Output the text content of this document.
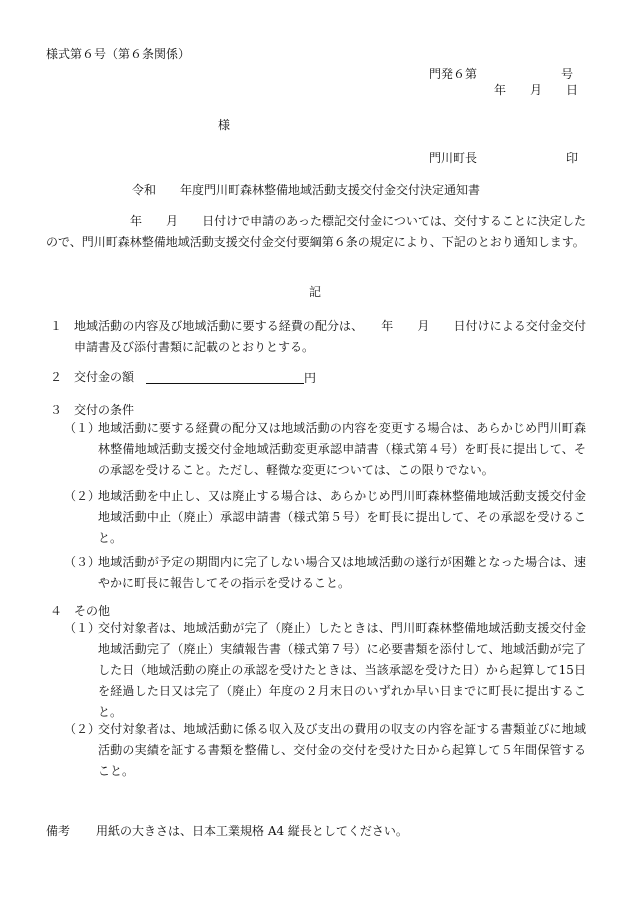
様式第６号（第６条関係）
門発６第　　　　　　　号
年　　月　　日
様
門川町長	印
令和　　年度門川町森林整備地域活動支援交付金交付決定通知書
　　年　　月　　日付けで申請のあった標記交付金については、交付することに決定したので、門川町森林整備地域活動支援交付金交付要綱第６条の規定により、下記のとおり通知します。
記
１ 地域活動の内容及び地域活動に要する経費の配分は、　　年　　月　　日付けによる交付金交付申請書及び添付書類に記載のとおりとする。
２ 交付金の額	円
３ 交付の条件
（１）
地域活動に要する経費の配分又は地域活動の内容を変更する場合は、あらかじめ門川町森林整備地域活動支援交付金地域活動変更承認申請書（様式第４号）を町長に提出して、その承認を受けること。ただし、軽微な変更については、この限りでない。
（２）
地域活動を中止し、又は廃止する場合は、あらかじめ門川町森林整備地域活動支援交付金地域活動中止（廃止）承認申請書（様式第５号）を町長に提出して、その承認を受けること。
（３）
地域活動が予定の期間内に完了しない場合又は地域活動の遂行が困難となった場合は、速やかに町長に報告してその指示を受けること。
４ その他
（１）
交付対象者は、地域活動が完了（廃止）したときは、門川町森林整備地域活動支援交付金地域活動完了（廃止）実績報告書（様式第７号）に必要書類を添付して、地域活動が完了した日（地域活動の廃止の承認を受けたときは、当該承認を受けた日）から起算して15日を経過した日又は完了（廃止）年度の２月末日のいずれか早い日までに町長に提出すること。
（２）
交付対象者は、地域活動に係る収入及び支出の費用の収支の内容を証する書類並びに地域活動の実績を証する書類を整備し、交付金の交付を受けた日から起算して５年間保管すること。
備考 用紙の大きさは、日本工業規格 A4 縦長としてください。
